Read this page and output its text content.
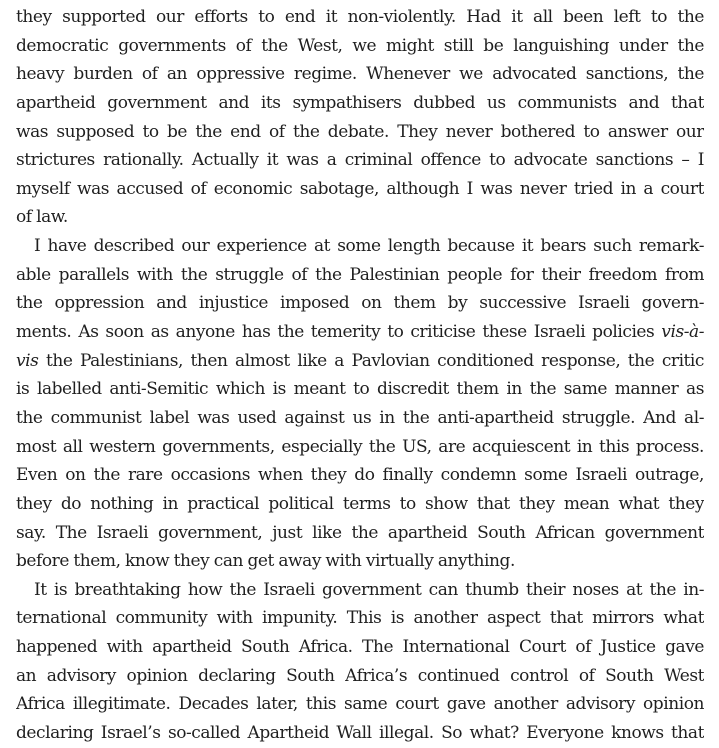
they supported our efforts to end it non-violently. Had it all been left to the
democratic governments of the West, we might still be languishing under the
heavy burden of an oppressive regime. Whenever we advocated sanctions, the
apartheid government and its sympathisers dubbed us communists and that
was supposed to be the end of the debate. They never bothered to answer our
strictures rationally. Actually it was a criminal offence to advocate sanctions – I
myself was accused of economic sabotage, although I was never tried in a court
of law.
I have described our experience at some length because it bears such remark-
able parallels with the struggle of the Palestinian people for their freedom from
the oppression and injustice imposed on them by successive Israeli govern-
ments. As soon as anyone has the temerity to criticise these Israeli policies vis-à-
vis the Palestinians, then almost like a Pavlovian conditioned response, the critic
is labelled anti-Semitic which is meant to discredit them in the same manner as
the communist label was used against us in the anti-apartheid struggle. And al-
most all western governments, especially the US, are acquiescent in this process.
Even on the rare occasions when they do finally condemn some Israeli outrage,
they do nothing in practical political terms to show that they mean what they
say. The Israeli government, just like the apartheid South African government
before them, know they can get away with virtually anything.
It is breathtaking how the Israeli government can thumb their noses at the in-
ternational community with impunity. This is another aspect that mirrors what
happened with apartheid South Africa. The International Court of Justice gave
an advisory opinion declaring South Africa’s continued control of South West
Africa illegitimate. Decades later, this same court gave another advisory opinion
declaring Israel’s so-called Apartheid Wall illegal. So what? Everyone knows that
